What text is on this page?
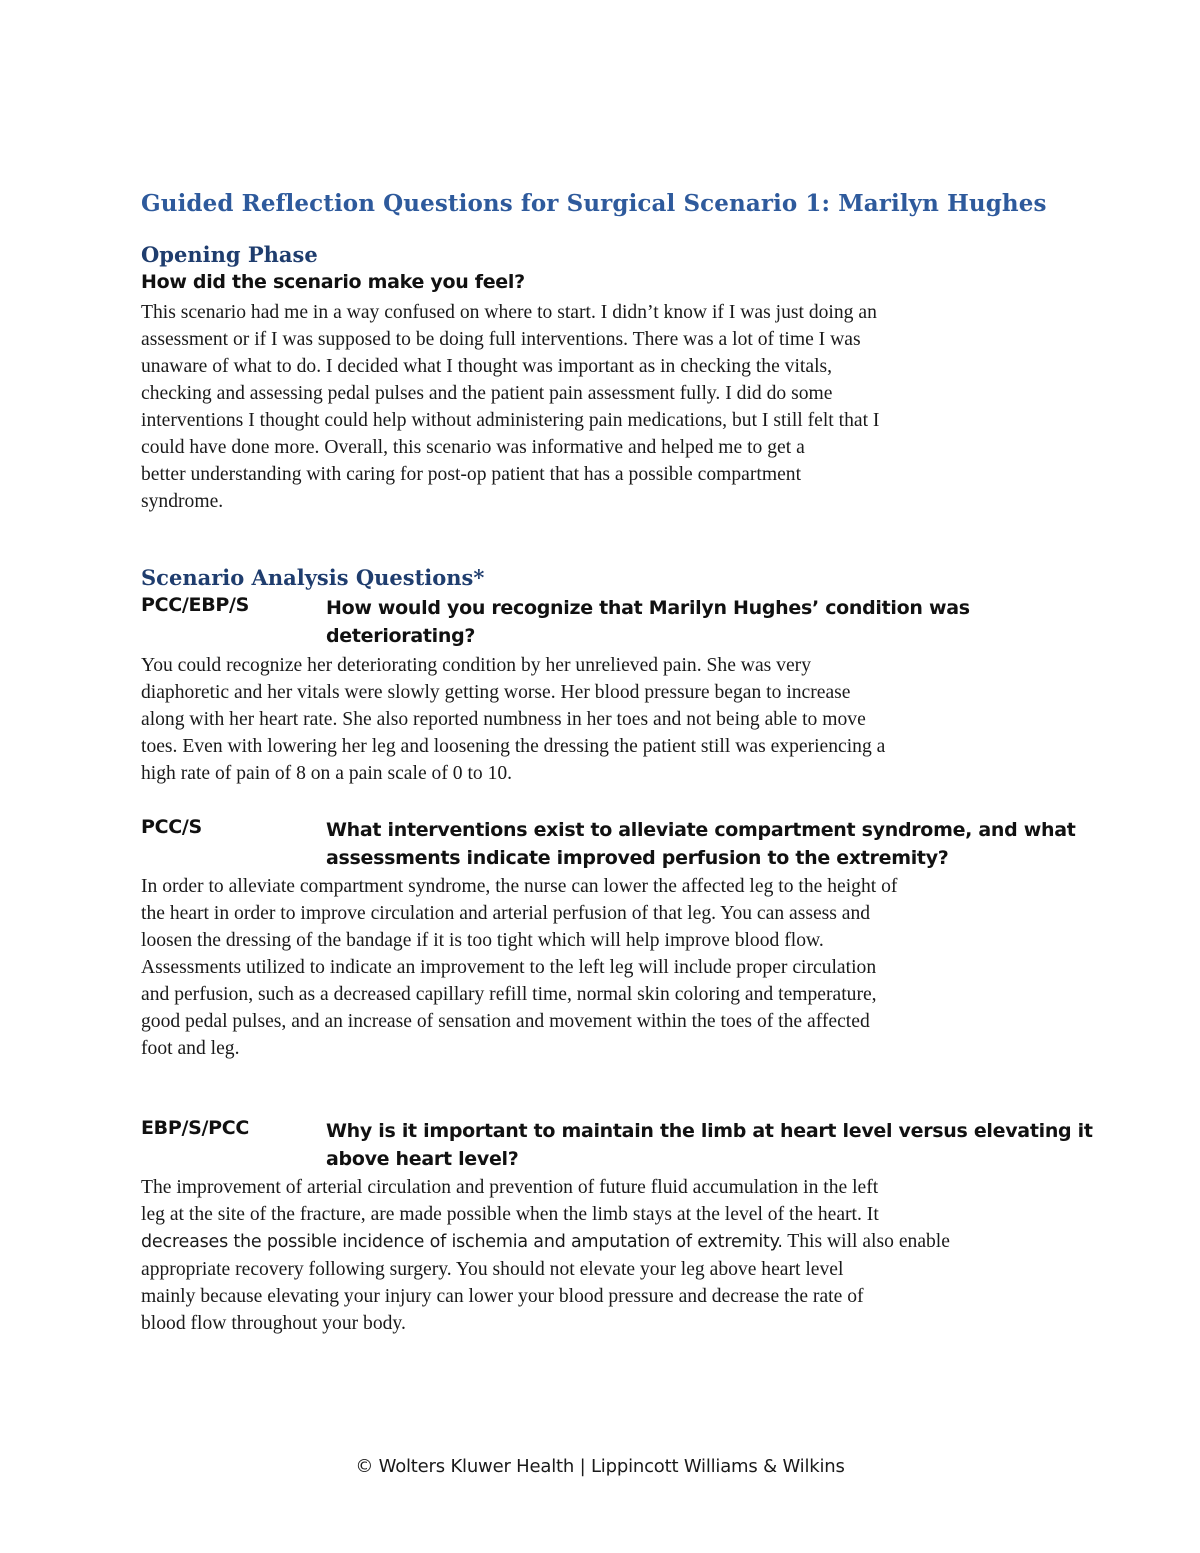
Guided Reflection Questions for Surgical Scenario 1: Marilyn Hughes
Opening Phase
How did the scenario make you feel?
This scenario had me in a way confused on where to start. I didn’t know if I was just doing an
assessment or if I was supposed to be doing full interventions. There was a lot of time I was
unaware of what to do. I decided what I thought was important as in checking the vitals,
checking and assessing pedal pulses and the patient pain assessment fully. I did do some
interventions I thought could help without administering pain medications, but I still felt that I
could have done more. Overall, this scenario was informative and helped me to get a
better understanding with caring for post-op patient that has a possible compartment
syndrome.
Scenario Analysis Questions*
PCC/EBP/S	How would you recognize that Marilyn Hughes’ condition was
deteriorating?
You could recognize her deteriorating condition by her unrelieved pain. She was very
diaphoretic and her vitals were slowly getting worse. Her blood pressure began to increase
along with her heart rate. She also reported numbness in her toes and not being able to move
toes. Even with lowering her leg and loosening the dressing the patient still was experiencing a
high rate of pain of 8 on a pain scale of 0 to 10.
PCC/S	What interventions exist to alleviate compartment syndrome, and what
assessments indicate improved perfusion to the extremity?
In order to alleviate compartment syndrome, the nurse can lower the affected leg to the height of
the heart in order to improve circulation and arterial perfusion of that leg. You can assess and
loosen the dressing of the bandage if it is too tight which will help improve blood flow.
Assessments utilized to indicate an improvement to the left leg will include proper circulation
and perfusion, such as a decreased capillary refill time, normal skin coloring and temperature,
good pedal pulses, and an increase of sensation and movement within the toes of the affected
foot and leg.
EBP/S/PCC	Why is it important to maintain the limb at heart level versus elevating it
above heart level?
The improvement of arterial circulation and prevention of future fluid accumulation in the left
leg at the site of the fracture, are made possible when the limb stays at the level of the heart. It
decreases the possible incidence of ischemia and amputation of extremity. This will also enable
appropriate recovery following surgery. You should not elevate your leg above heart level
mainly because elevating your injury can lower your blood pressure and decrease the rate of
blood flow throughout your body.
© Wolters Kluwer Health | Lippincott Williams & Wilkins
